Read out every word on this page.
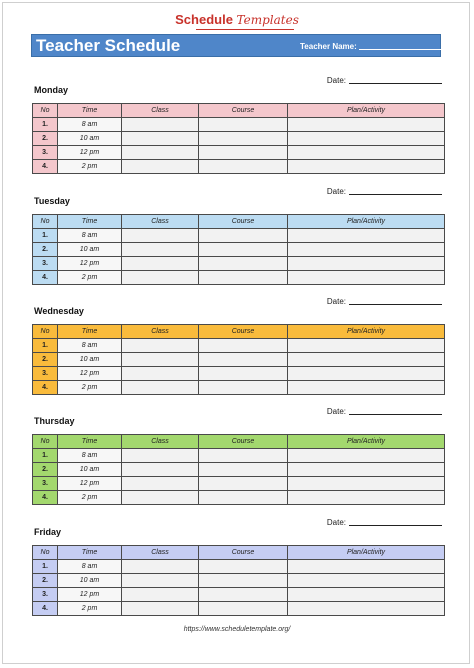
Schedule Templates
Teacher Schedule	Teacher Name:
Date:
Monday
No	Time	Class	Course	Plan/Activity
1.	8 am			
2.	10 am			
3.	12 pm			
4.	2 pm			
Date:
Tuesday
No	Time	Class	Course	Plan/Activity
1.	8 am			
2.	10 am			
3.	12 pm			
4.	2 pm			
Date:
Wednesday
No	Time	Class	Course	Plan/Activity
1.	8 am			
2.	10 am			
3.	12 pm			
4.	2 pm			
Date:
Thursday
No	Time	Class	Course	Plan/Activity
1.	8 am			
2.	10 am			
3.	12 pm			
4.	2 pm			
Date:
Friday
No	Time	Class	Course	Plan/Activity
1.	8 am			
2.	10 am			
3.	12 pm			
4.	2 pm			
https://www.scheduletemplate.org/
